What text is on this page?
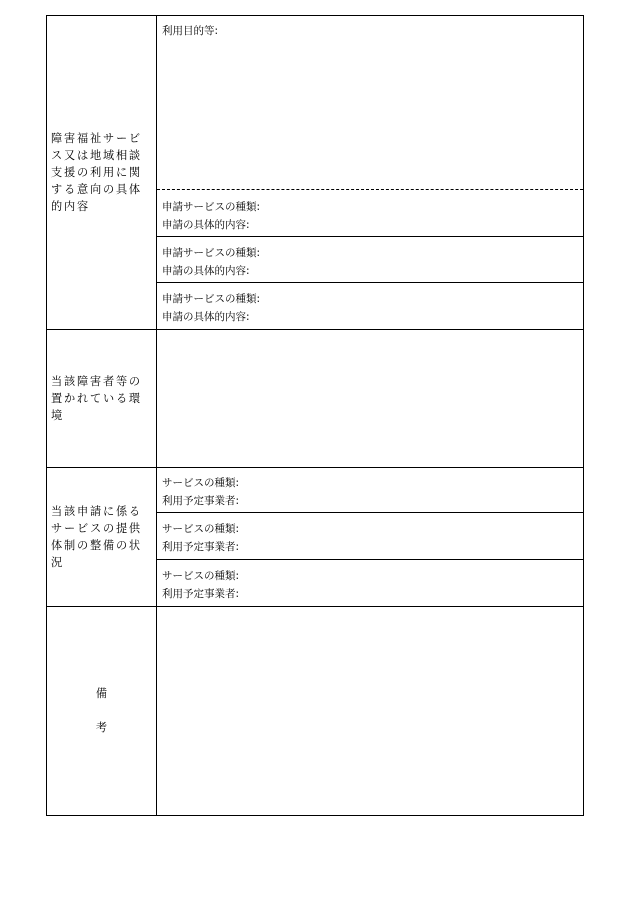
障害福祉サービス又は地域相談支援の利用に関する意向の具体的内容
利用目的等:
申請サービスの種類:
申請の具体的内容:
申請サービスの種類:
申請の具体的内容:
申請サービスの種類:
申請の具体的内容:
当該障害者等の置かれている環境
当該申請に係るサービスの提供体制の整備の状況
サービスの種類:
利用予定事業者:
サービスの種類:
利用予定事業者:
サービスの種類:
利用予定事業者:
備
考
